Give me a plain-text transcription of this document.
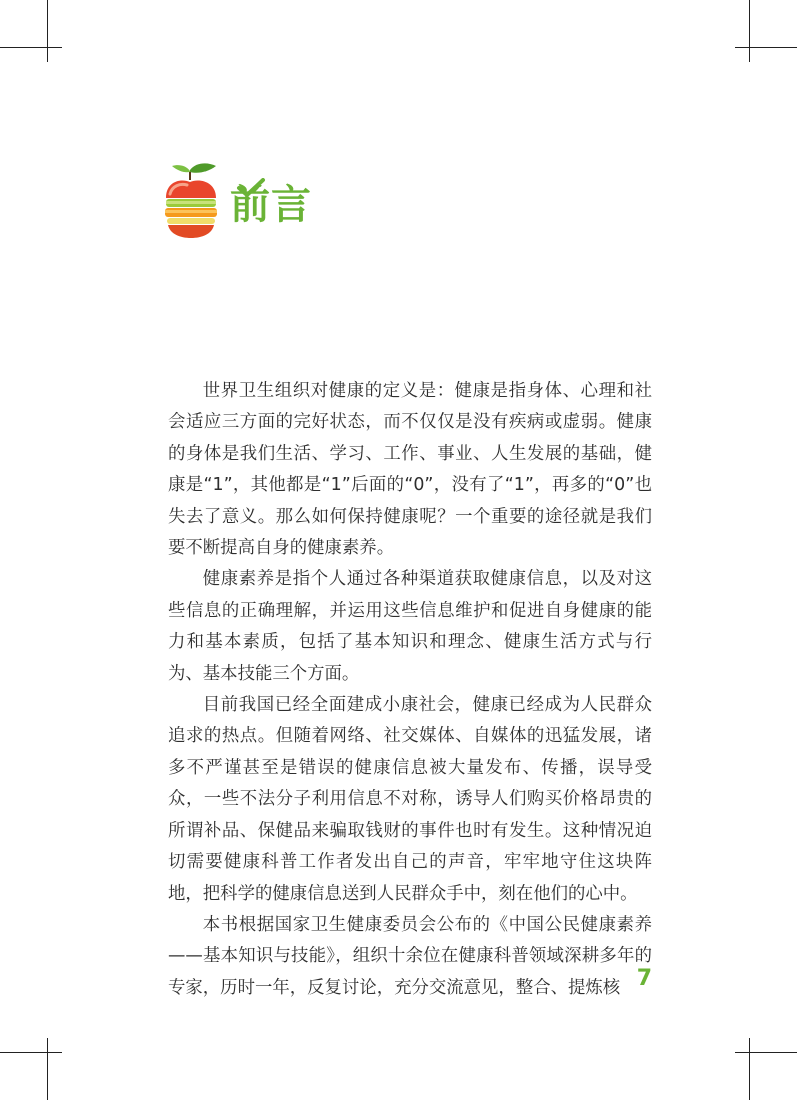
前言

世界卫生组织对健康的定义是：健康是指身体、心理和社会适应三方面的完好状态，而不仅仅是没有疾病或虚弱。健康的身体是我们生活、学习、工作、事业、人生发展的基础，健康是“1”，其他都是“1”后面的“0”，没有了“1”，再多的“0”也失去了意义。那么如何保持健康呢？一个重要的途径就是我们要不断提高自身的健康素养。

健康素养是指个人通过各种渠道获取健康信息，以及对这些信息的正确理解，并运用这些信息维护和促进自身健康的能力和基本素质，包括了基本知识和理念、健康生活方式与行为、基本技能三个方面。

目前我国已经全面建成小康社会，健康已经成为人民群众追求的热点。但随着网络、社交媒体、自媒体的迅猛发展，诸多不严谨甚至是错误的健康信息被大量发布、传播，误导受众，一些不法分子利用信息不对称，诱导人们购买价格昂贵的所谓补品、保健品来骗取钱财的事件也时有发生。这种情况迫切需要健康科普工作者发出自己的声音，牢牢地守住这块阵地，把科学的健康信息送到人民群众手中，刻在他们的心中。

本书根据国家卫生健康委员会公布的《中国公民健康素养——基本知识与技能》，组织十余位在健康科普领域深耕多年的专家，历时一年，反复讨论，充分交流意见，整合、提炼核 7
